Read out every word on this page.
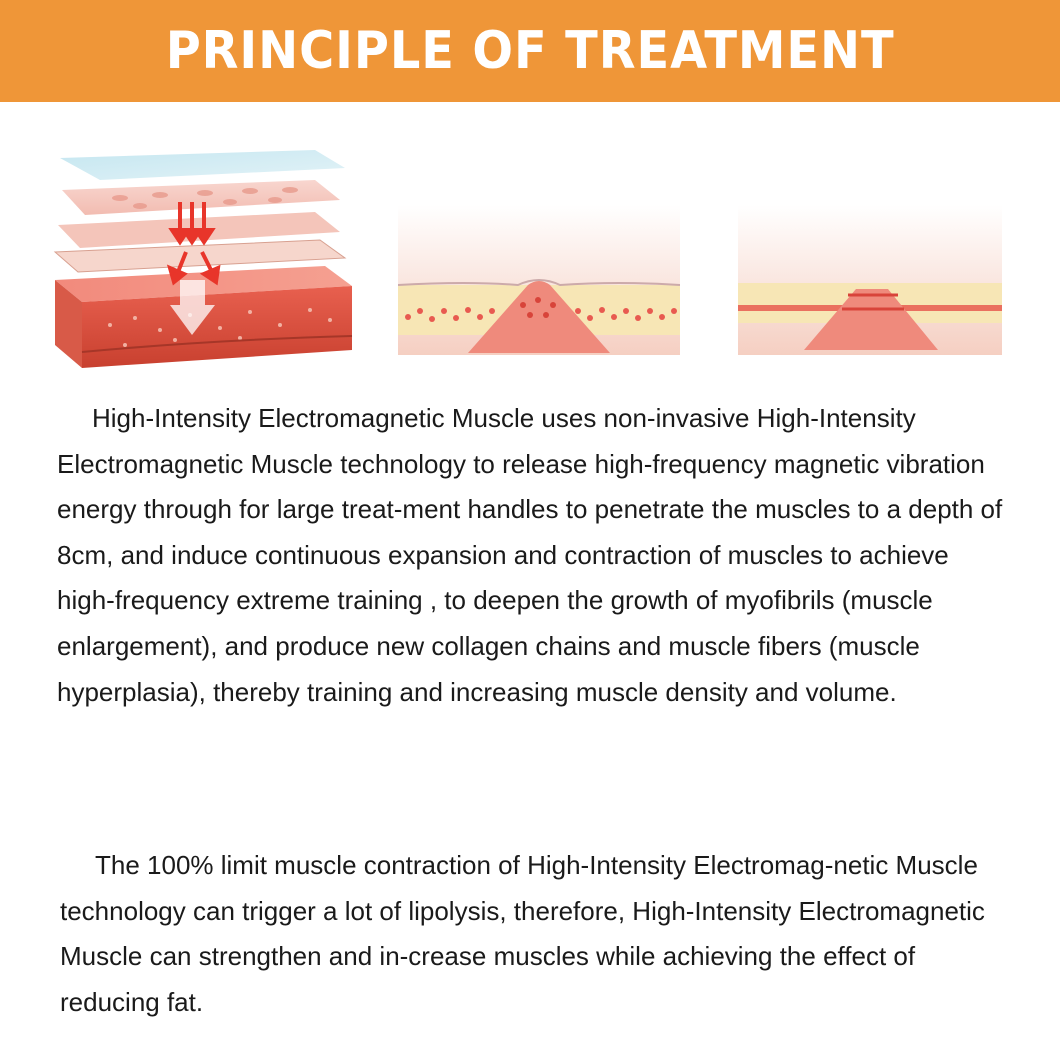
PRINCIPLE OF TREATMENT

High-Intensity Electromagnetic Muscle uses non-invasive High-Intensity Electromagnetic Muscle technology to release high-frequency magnetic vibration energy through for large treat-ment handles to penetrate the muscles to a depth of 8cm, and induce continuous expansion and contraction of muscles to achieve high-frequency extreme training , to deepen the growth of myofibrils (muscle enlargement), and produce new collagen chains and muscle fibers (muscle hyperplasia), thereby training and increasing muscle density and volume.

The 100% limit muscle contraction of High-Intensity Electromag-netic Muscle technology can trigger a lot of lipolysis, therefore, High-Intensity Electromagnetic Muscle can strengthen and in-crease muscles while achieving the effect of reducing fat.
